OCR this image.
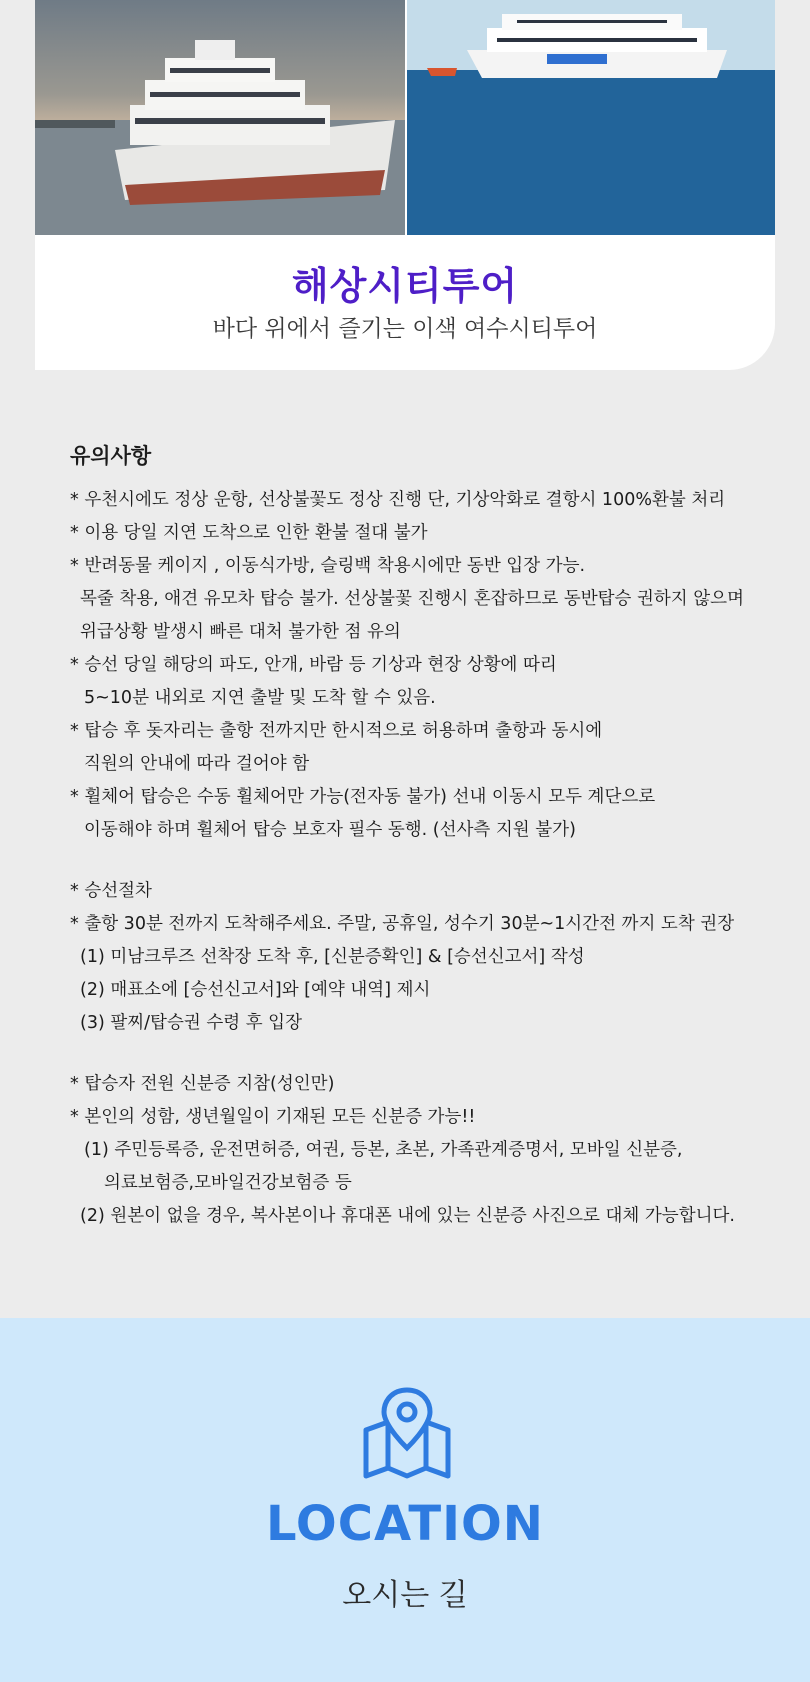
해상시티투어
바다 위에서 즐기는 이색 여수시티투어
유의사항
* 우천시에도 정상 운항, 선상불꽃도 정상 진행 단, 기상악화로 결항시 100%환불 처리
* 이용 당일 지연 도착으로 인한 환불 절대 불가
* 반려동물 케이지 , 이동식가방, 슬링백 착용시에만 동반 입장 가능.
목줄 착용, 애견 유모차 탑승 불가. 선상불꽃 진행시 혼잡하므로 동반탑승 권하지 않으며
위급상황 발생시 빠른 대처 불가한 점 유의
* 승선 당일 해당의 파도, 안개, 바람 등 기상과 현장 상황에 따리
5~10분 내외로 지연 출발 및 도착 할 수 있음.
* 탑승 후 돗자리는 출항 전까지만 한시적으로 허용하며 출항과 동시에
직원의 안내에 따라 걸어야 함
* 휠체어 탑승은 수동 휠체어만 가능(전자동 불가) 선내 이동시 모두 계단으로
이동해야 하며 휠체어 탑승 보호자 필수 동행. (선사측 지원 불가)
* 승선절차
* 출항 30분 전까지 도착해주세요. 주말, 공휴일, 성수기 30분~1시간전 까지 도착 권장
(1) 미남크루즈 선착장 도착 후, [신분증확인] & [승선신고서] 작성
(2) 매표소에 [승선신고서]와 [예약 내역] 제시
(3) 팔찌/탑승권 수령 후 입장
* 탑승자 전원 신분증 지참(성인만)
* 본인의 성함, 생년월일이 기재된 모든 신분증 가능!!
(1) 주민등록증, 운전면허증, 여권, 등본, 초본, 가족관계증명서, 모바일 신분증,
의료보험증,모바일건강보험증 등
(2) 원본이 없을 경우, 복사본이나 휴대폰 내에 있는 신분증 사진으로 대체 가능합니다.
LOCATION
오시는 길
